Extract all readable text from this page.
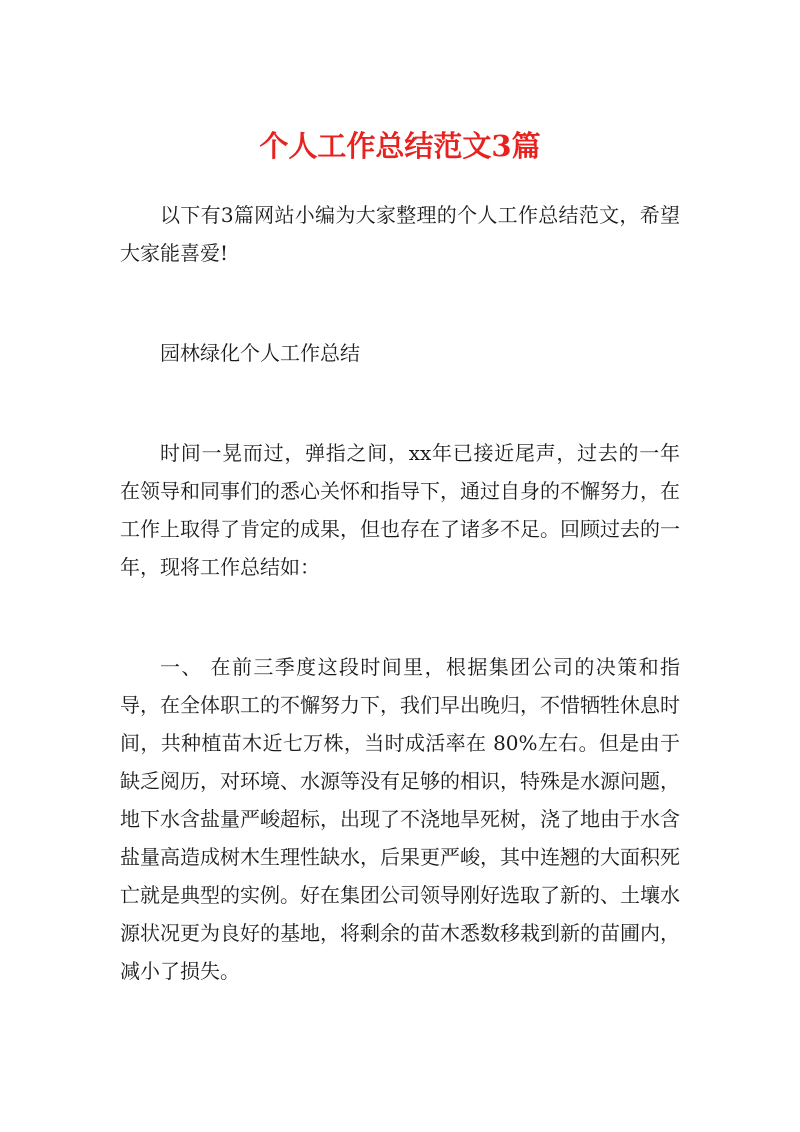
个人工作总结范文3篇

以下有3篇网站小编为大家整理的个人工作总结范文，希望大家能喜爱!

园林绿化个人工作总结

时间一晃而过，弹指之间，xx年已接近尾声，过去的一年在领导和同事们的悉心关怀和指导下，通过自身的不懈努力，在工作上取得了肯定的成果，但也存在了诸多不足。回顾过去的一年，现将工作总结如：

一、 在前三季度这段时间里，根据集团公司的决策和指导，在全体职工的不懈努力下，我们早出晚归，不惜牺牲休息时间，共种植苗木近七万株，当时成活率在 80%左右。但是由于缺乏阅历，对环境、水源等没有足够的相识，特殊是水源问题，地下水含盐量严峻超标，出现了不浇地旱死树，浇了地由于水含盐量高造成树木生理性缺水，后果更严峻，其中连翘的大面积死亡就是典型的实例。好在集团公司领导刚好选取了新的、土壤水源状况更为良好的基地，将剩余的苗木悉数移栽到新的苗圃内，减小了损失。
